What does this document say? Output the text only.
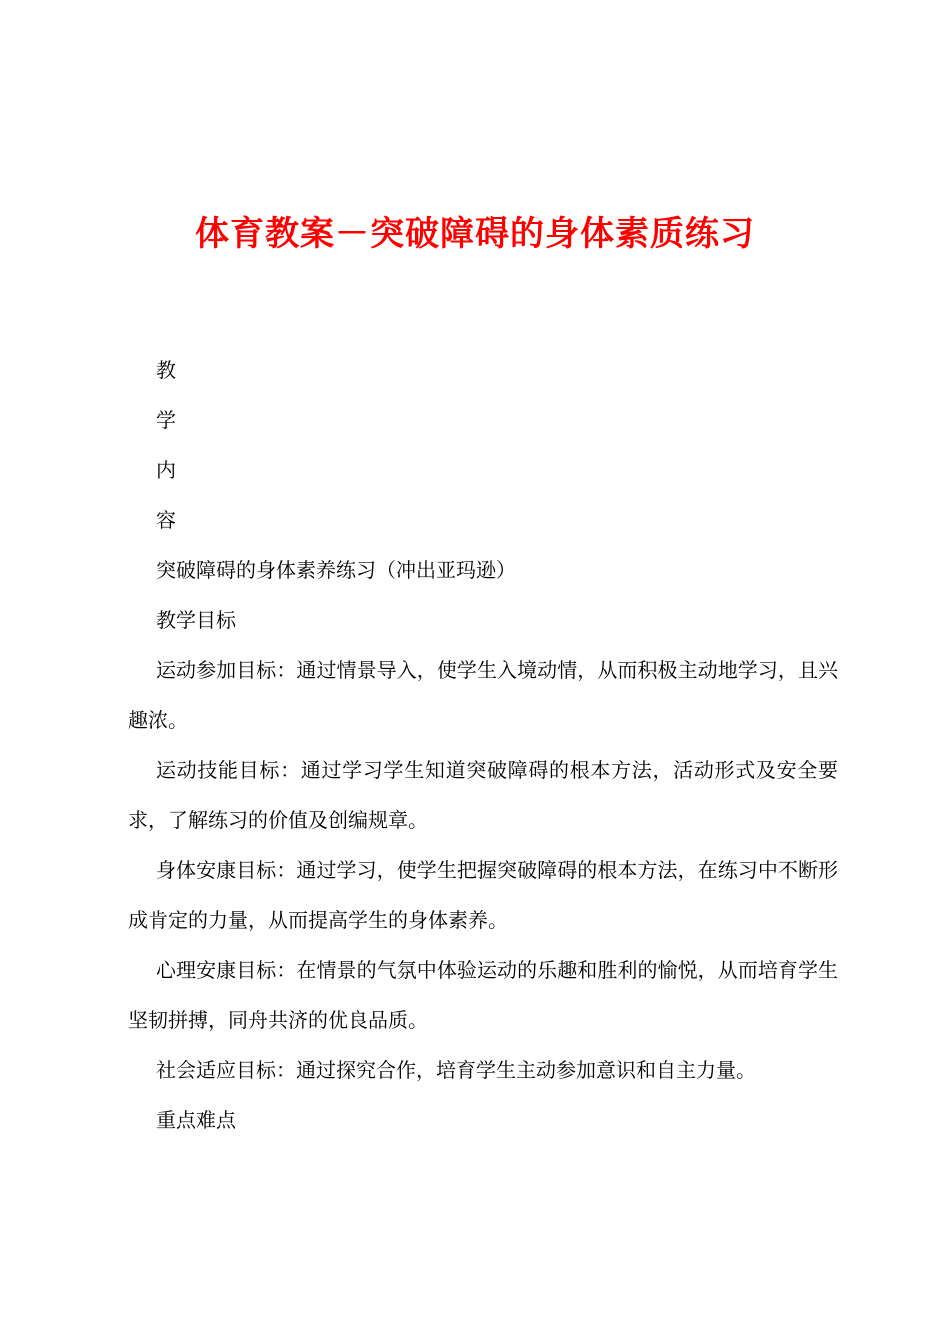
体育教案－突破障碍的身体素质练习

教

学

内

容

突破障碍的身体素养练习（冲出亚玛逊）

教学目标

运动参加目标：通过情景导入，使学生入境动情，从而积极主动地学习，且兴趣浓。

运动技能目标：通过学习学生知道突破障碍的根本方法，活动形式及安全要求，了解练习的价值及创编规章。

身体安康目标：通过学习，使学生把握突破障碍的根本方法，在练习中不断形成肯定的力量，从而提高学生的身体素养。

心理安康目标：在情景的气氛中体验运动的乐趣和胜利的愉悦，从而培育学生坚韧拼搏，同舟共济的优良品质。

社会适应目标：通过探究合作，培育学生主动参加意识和自主力量。

重点难点
